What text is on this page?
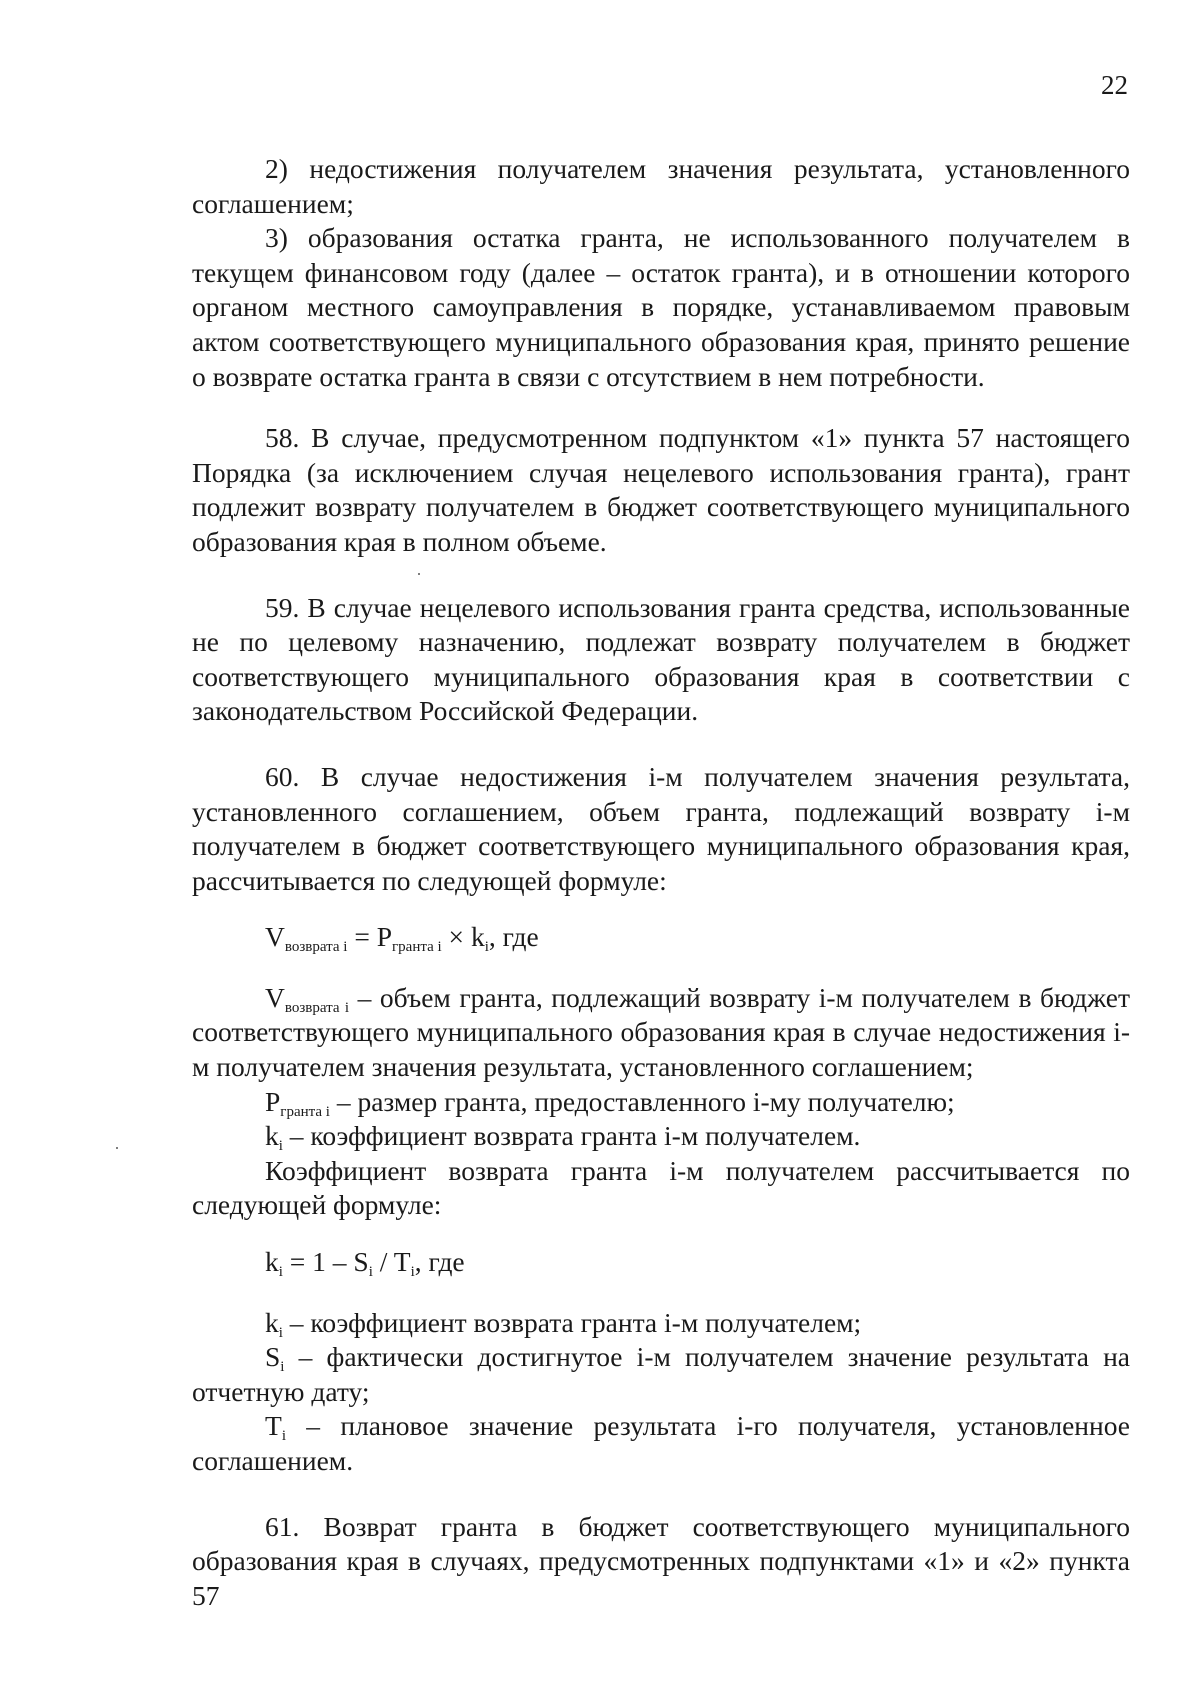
22

2) недостижения получателем значения результата, установленного соглашением;

3) образования остатка гранта, не использованного получателем в текущем финансовом году (далее – остаток гранта), и в отношении которого органом местного самоуправления в порядке, устанавливаемом правовым актом соответствующего муниципального образования края, принято решение о возврате остатка гранта в связи с отсутствием в нем потребности.

58. В случае, предусмотренном подпунктом «1» пункта 57 настоящего Порядка (за исключением случая нецелевого использования гранта), грант подлежит возврату получателем в бюджет соответствующего муниципального образования края в полном объеме.

59. В случае нецелевого использования гранта средства, использованные не по целевому назначению, подлежат возврату получателем в бюджет соответствующего муниципального образования края в соответствии с законодательством Российской Федерации.

60. В случае недостижения i-м получателем значения результата, установленного соглашением, объем гранта, подлежащий возврату i-м получателем в бюджет соответствующего муниципального образования края, рассчитывается по следующей формуле:

$V_{возврата i} = P_{гранта i} \times k_i$, где

$V_{возврата i}$ – объем гранта, подлежащий возврату i-м получателем в бюджет соответствующего муниципального образования края в случае недостижения i-м получателем значения результата, установленного соглашением;

$P_{гранта i}$ – размер гранта, предоставленного i-му получателю;

$k_i$ – коэффициент возврата гранта i-м получателем.

Коэффициент возврата гранта i-м получателем рассчитывается по следующей формуле:

$k_i = 1 - S_i / T_i$, где

$k_i$ – коэффициент возврата гранта i-м получателем;

$S_i$ – фактически достигнутое i-м получателем значение результата на отчетную дату;

$T_i$ – плановое значение результата i-го получателя, установленное соглашением.

61. Возврат гранта в бюджет соответствующего муниципального образования края в случаях, предусмотренных подпунктами «1» и «2» пункта 57
